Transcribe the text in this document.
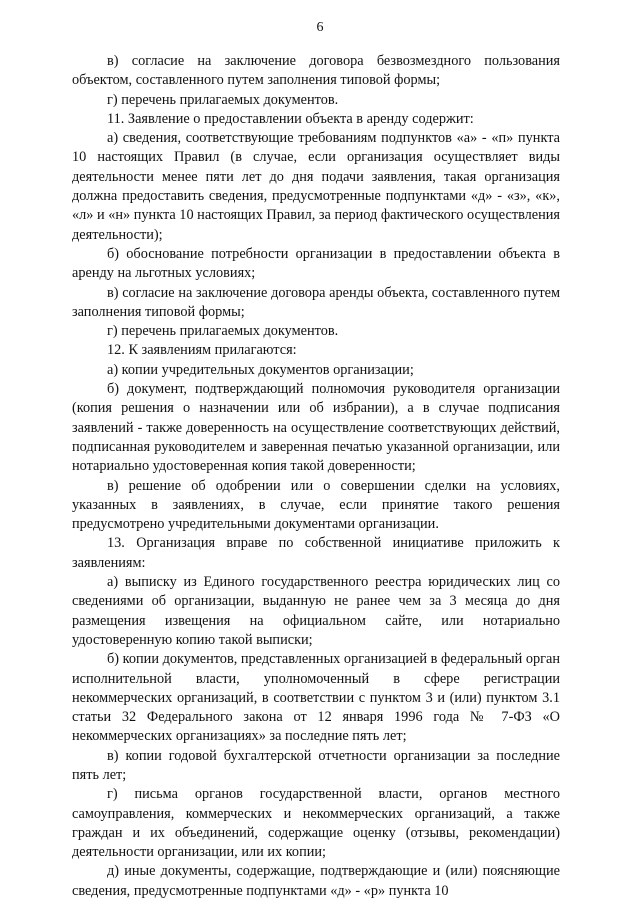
6

в) согласие на заключение договора безвозмездного пользования объектом, составленного путем заполнения типовой формы;

г) перечень прилагаемых документов.

11. Заявление о предоставлении объекта в аренду содержит:

а) сведения, соответствующие требованиям подпунктов «а» - «п» пункта 10 настоящих Правил (в случае, если организация осуществляет виды деятельности менее пяти лет до дня подачи заявления, такая организация должна предоставить сведения, предусмотренные подпунктами «д» - «з», «к», «л» и «н» пункта 10 настоящих Правил, за период фактического осуществления деятельности);

б) обоснование потребности организации в предоставлении объекта в аренду на льготных условиях;

в) согласие на заключение договора аренды объекта, составленного путем заполнения типовой формы;

г) перечень прилагаемых документов.

12. К заявлениям прилагаются:

а) копии учредительных документов организации;

б) документ, подтверждающий полномочия руководителя организации (копия решения о назначении или об избрании), а в случае подписания заявлений - также доверенность на осуществление соответствующих действий, подписанная руководителем и заверенная печатью указанной организации, или нотариально удостоверенная копия такой доверенности;

в) решение об одобрении или о совершении сделки на условиях, указанных в заявлениях, в случае, если принятие такого решения предусмотрено учредительными документами организации.

13. Организация вправе по собственной инициативе приложить к заявлениям:

а) выписку из Единого государственного реестра юридических лиц со сведениями об организации, выданную не ранее чем за 3 месяца до дня размещения извещения на официальном сайте, или нотариально удостоверенную копию такой выписки;

б) копии документов, представленных организацией в федеральный орган исполнительной власти, уполномоченный в сфере регистрации некоммерческих организаций, в соответствии с пунктом 3 и (или) пунктом 3.1 статьи 32 Федерального закона от 12 января 1996 года № 7-ФЗ «О некоммерческих организациях» за последние пять лет;

в) копии годовой бухгалтерской отчетности организации за последние пять лет;

г) письма органов государственной власти, органов местного самоуправления, коммерческих и некоммерческих организаций, а также граждан и их объединений, содержащие оценку (отзывы, рекомендации) деятельности организации, или их копии;

д) иные документы, содержащие, подтверждающие и (или) поясняющие сведения, предусмотренные подпунктами «д» - «р» пункта 10
